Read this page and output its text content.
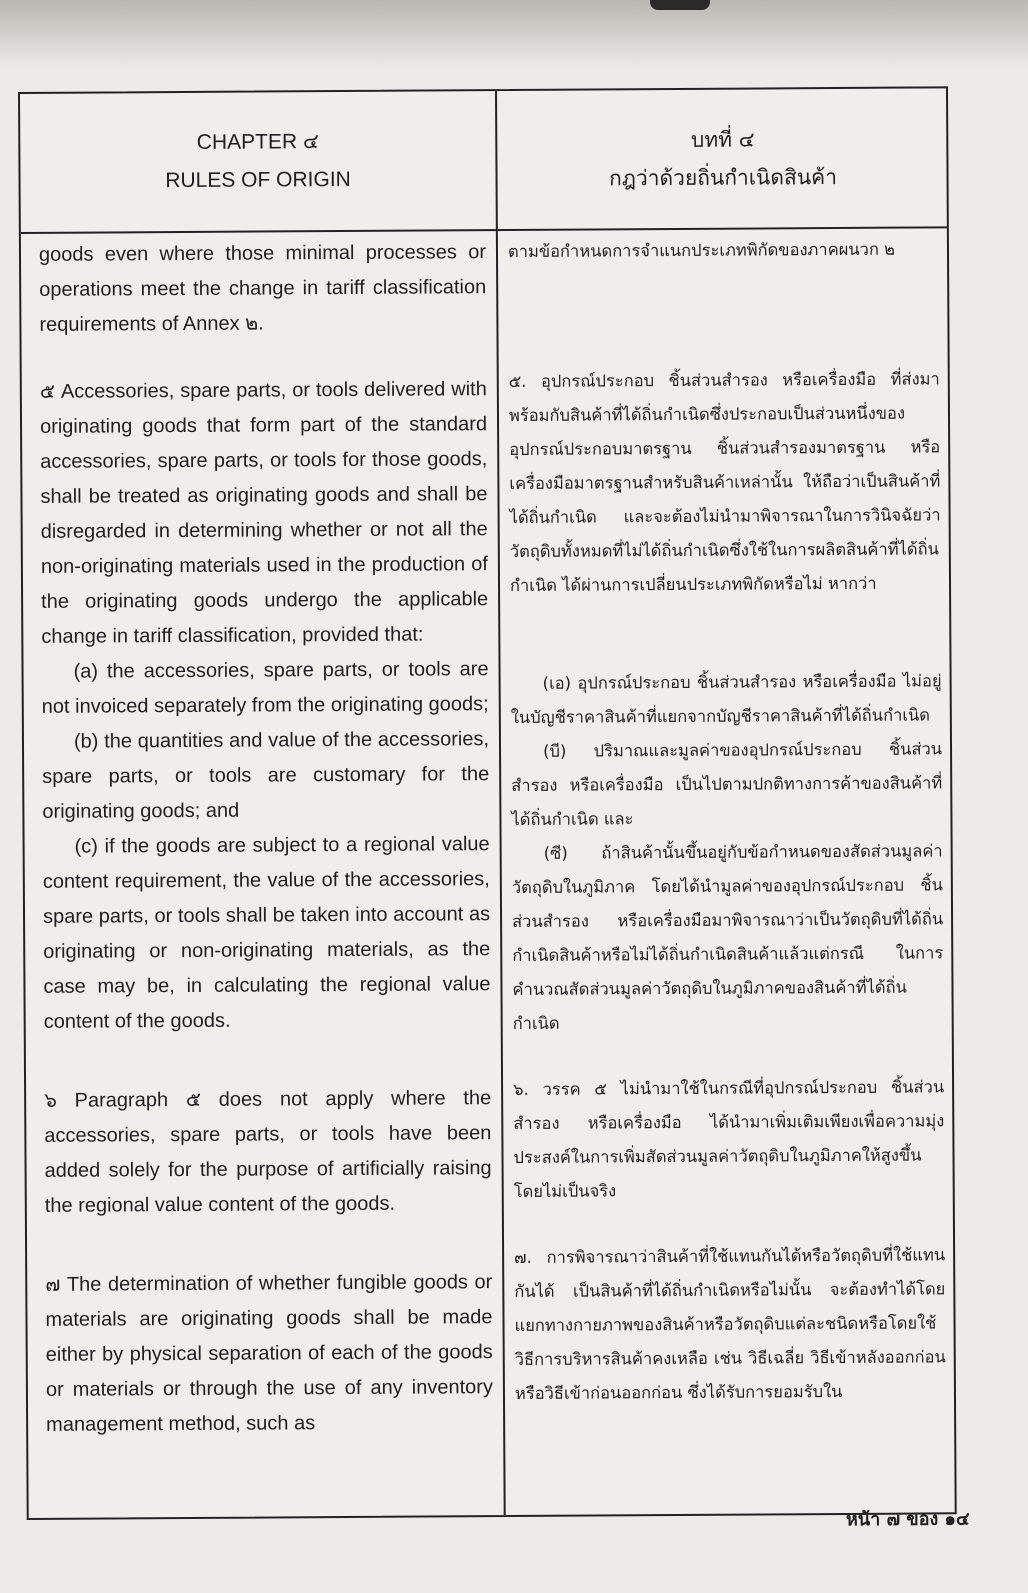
CHAPTER ๔
RULES OF ORIGIN
บทที่ ๔
กฎว่าด้วยถิ่นกำเนิดสินค้า

goods even where those minimal processes or operations meet the change in tariff classification requirements of Annex ๒.

๕ Accessories, spare parts, or tools delivered with originating goods that form part of the standard accessories, spare parts, or tools for those goods, shall be treated as originating goods and shall be disregarded in determining whether or not all the non-originating materials used in the production of the originating goods undergo the applicable change in tariff classification, provided that:

(a) the accessories, spare parts, or tools are not invoiced separately from the originating goods;

(b) the quantities and value of the accessories, spare parts, or tools are customary for the originating goods; and

(c) if the goods are subject to a regional value content requirement, the value of the accessories, spare parts, or tools shall be taken into account as originating or non-originating materials, as the case may be, in calculating the regional value content of the goods.

๖ Paragraph ๕ does not apply where the accessories, spare parts, or tools have been added solely for the purpose of artificially raising the regional value content of the goods.

๗ The determination of whether fungible goods or materials are originating goods shall be made either by physical separation of each of the goods or materials or through the use of any inventory management method, such as

ตามข้อกำหนดการจำแนกประเภทพิกัดของภาคผนวก ๒

๕. อุปกรณ์ประกอบ ชิ้นส่วนสำรอง หรือเครื่องมือ ที่ส่งมาพร้อมกับสินค้าที่ได้ถิ่นกำเนิดซึ่งประกอบเป็นส่วนหนึ่งของอุปกรณ์ประกอบมาตรฐาน ชิ้นส่วนสำรองมาตรฐาน หรือเครื่องมือมาตรฐานสำหรับสินค้าเหล่านั้น ให้ถือว่าเป็นสินค้าที่ได้ถิ่นกำเนิด และจะต้องไม่นำมาพิจารณาในการวินิจฉัยว่าวัตถุดิบทั้งหมดที่ไม่ได้ถิ่นกำเนิดซึ่งใช้ในการผลิตสินค้าที่ได้ถิ่นกำเนิด ได้ผ่านการเปลี่ยนประเภทพิกัดหรือไม่ หากว่า

(เอ) อุปกรณ์ประกอบ ชิ้นส่วนสำรอง หรือเครื่องมือ ไม่อยู่ในบัญชีราคาสินค้าที่แยกจากบัญชีราคาสินค้าที่ได้ถิ่นกำเนิด

(บี) ปริมาณและมูลค่าของอุปกรณ์ประกอบ ชิ้นส่วนสำรอง หรือเครื่องมือ เป็นไปตามปกติทางการค้าของสินค้าที่ได้ถิ่นกำเนิด และ

(ซี) ถ้าสินค้านั้นขึ้นอยู่กับข้อกำหนดของสัดส่วนมูลค่าวัตถุดิบในภูมิภาค โดยได้นำมูลค่าของอุปกรณ์ประกอบ ชิ้นส่วนสำรอง หรือเครื่องมือมาพิจารณาว่าเป็นวัตถุดิบที่ได้ถิ่นกำเนิดสินค้าหรือไม่ได้ถิ่นกำเนิดสินค้าแล้วแต่กรณี ในการคำนวณสัดส่วนมูลค่าวัตถุดิบในภูมิภาคของสินค้าที่ได้ถิ่นกำเนิด

๖. วรรค ๕ ไม่นำมาใช้ในกรณีที่อุปกรณ์ประกอบ ชิ้นส่วนสำรอง หรือเครื่องมือ ได้นำมาเพิ่มเติมเพียงเพื่อความมุ่งประสงค์ในการเพิ่มสัดส่วนมูลค่าวัตถุดิบในภูมิภาคให้สูงขึ้นโดยไม่เป็นจริง

๗. การพิจารณาว่าสินค้าที่ใช้แทนกันได้หรือวัตถุดิบที่ใช้แทนกันได้ เป็นสินค้าที่ได้ถิ่นกำเนิดหรือไม่นั้น จะต้องทำได้โดยแยกทางกายภาพของสินค้าหรือวัตถุดิบแต่ละชนิดหรือโดยใช้วิธีการบริหารสินค้าคงเหลือ เช่น วิธีเฉลี่ย วิธีเข้าหลังออกก่อน หรือวิธีเข้าก่อนออกก่อน ซึ่งได้รับการยอมรับใน

หน้า ๗ ของ ๑๔
